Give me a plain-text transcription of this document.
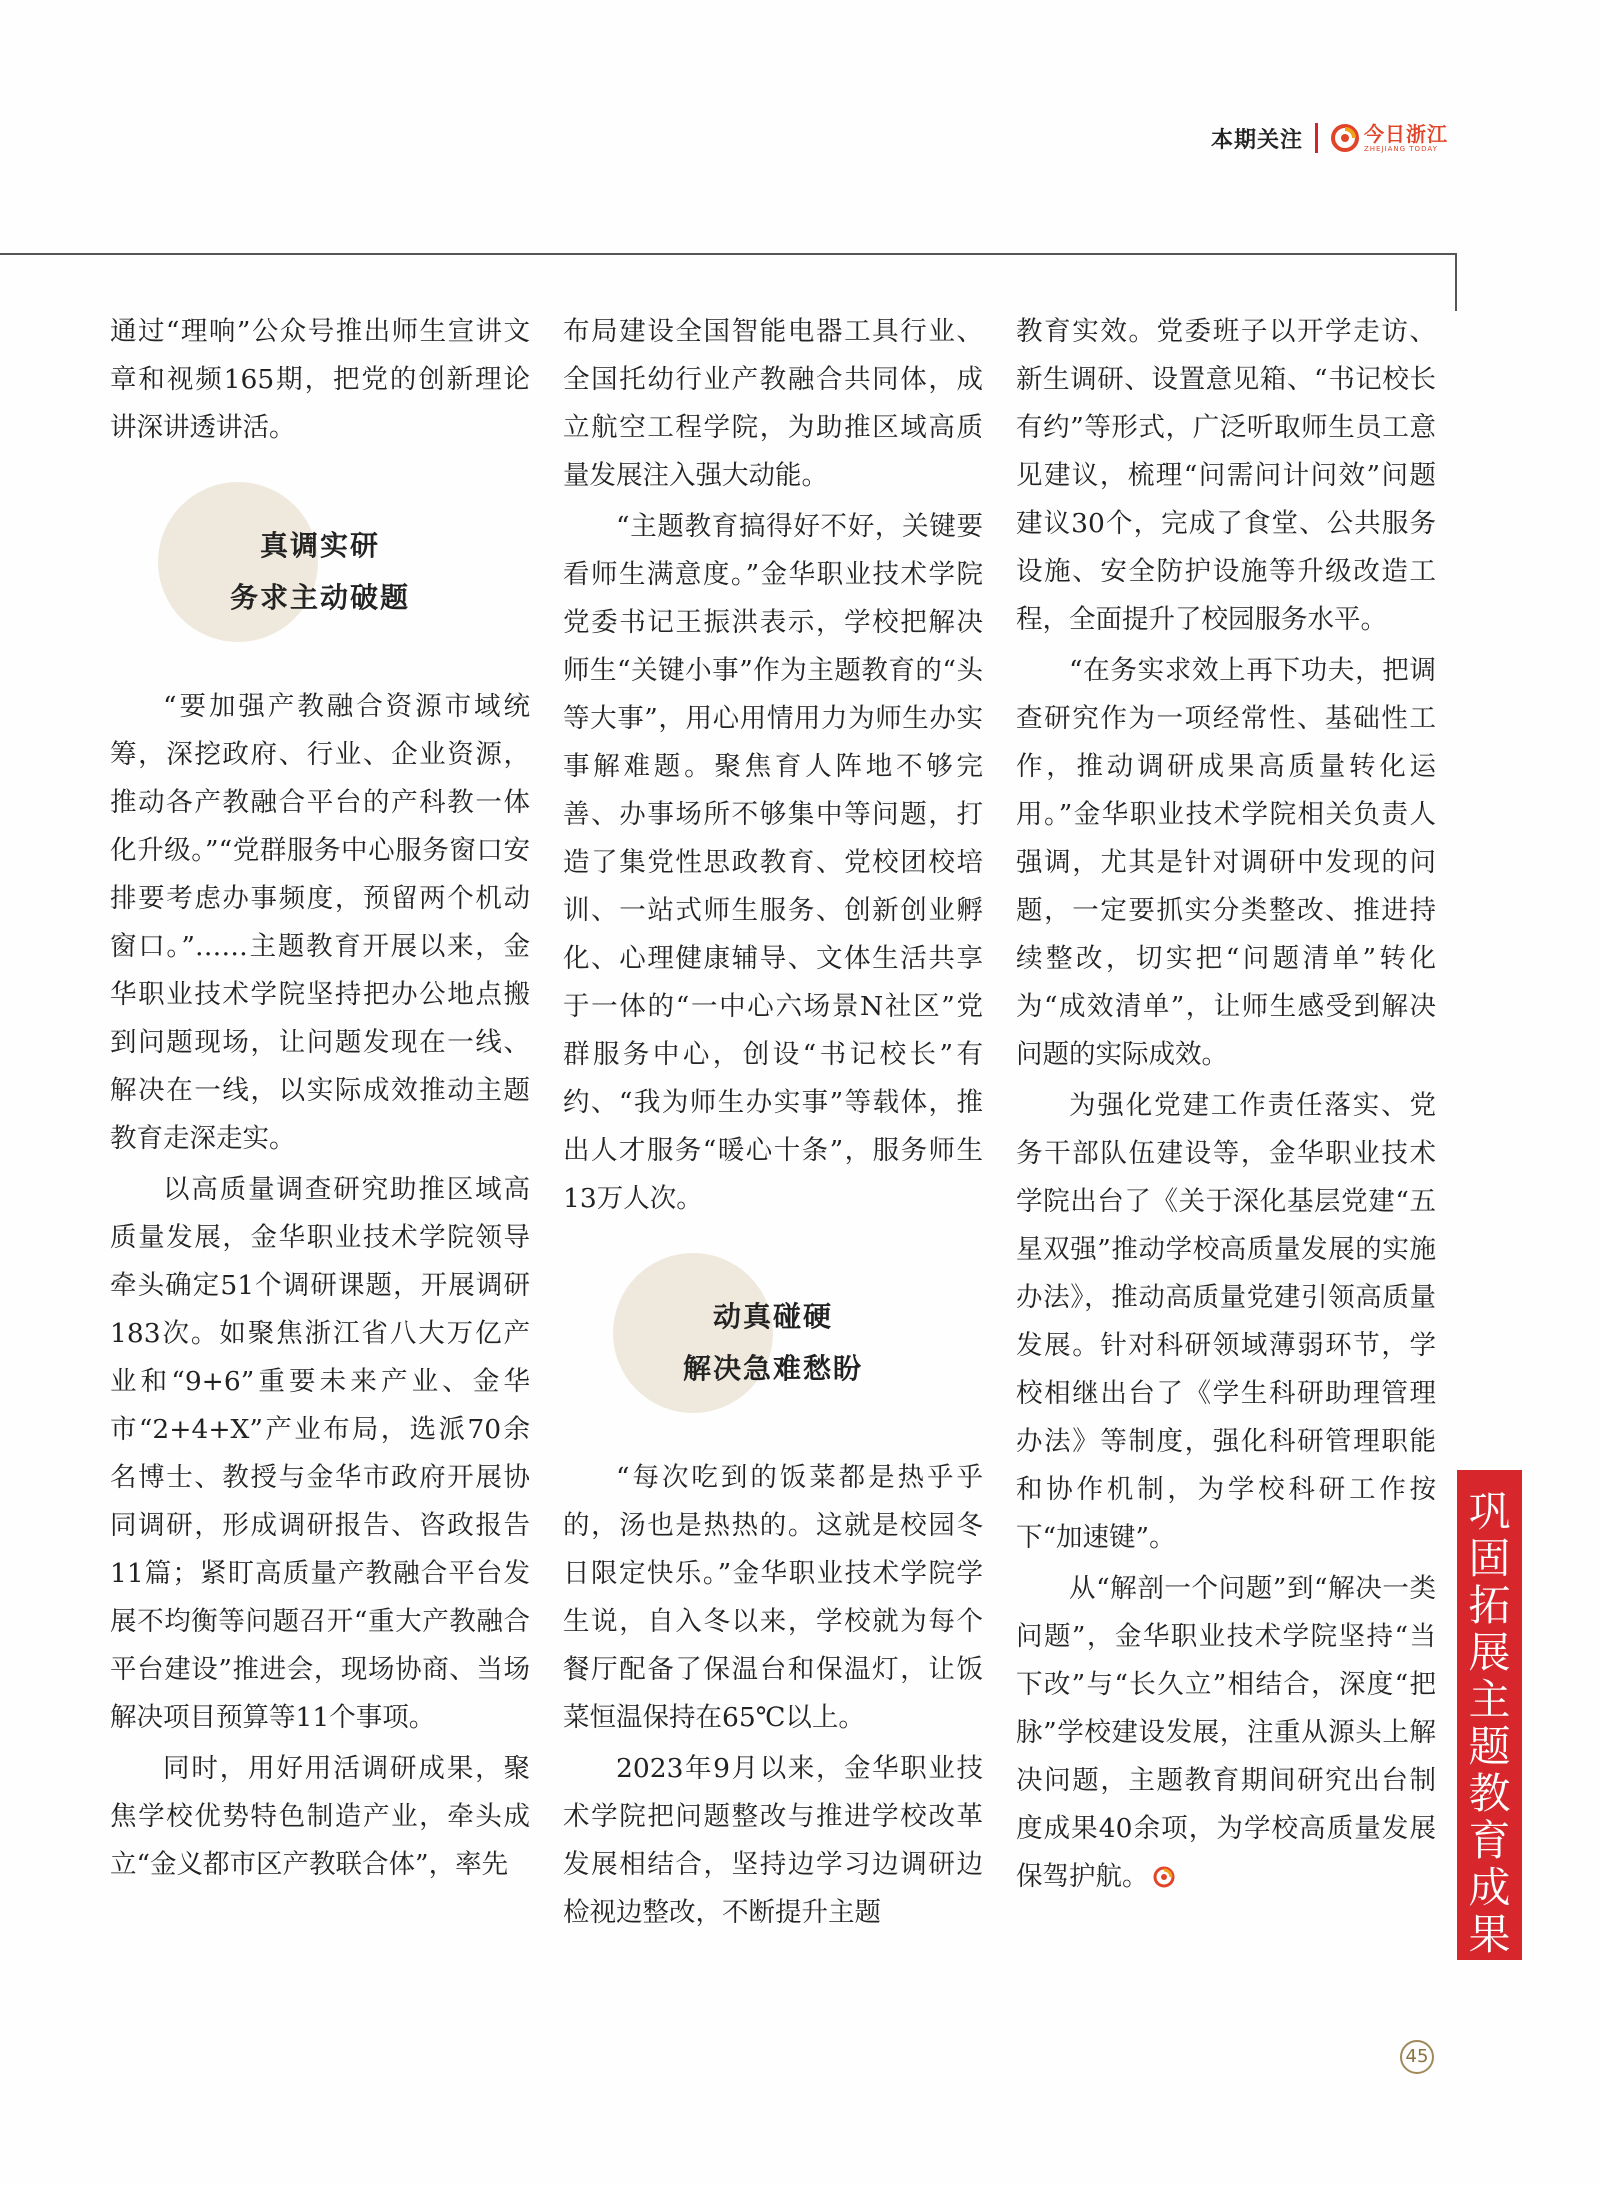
本期关注	今日浙江
ZHEJIANG TODAY

通过“理响”公众号推出师生宣讲文章和视频165期，把党的创新理论讲深讲透讲活。

真调实研
务求主动破题

“要加强产教融合资源市域统筹，深挖政府、行业、企业资源，推动各产教融合平台的产科教一体化升级。”“党群服务中心服务窗口安排要考虑办事频度，预留两个机动窗口。”……主题教育开展以来，金华职业技术学院坚持把办公地点搬到问题现场，让问题发现在一线、解决在一线，以实际成效推动主题教育走深走实。

以高质量调查研究助推区域高质量发展，金华职业技术学院领导牵头确定51个调研课题，开展调研183次。如聚焦浙江省八大万亿产业和“9+6”重要未来产业、金华市“2+4+X”产业布局，选派70余名博士、教授与金华市政府开展协同调研，形成调研报告、咨政报告11篇；紧盯高质量产教融合平台发展不均衡等问题召开“重大产教融合平台建设”推进会，现场协商、当场解决项目预算等11个事项。

同时，用好用活调研成果，聚焦学校优势特色制造产业，牵头成立“金义都市区产教联合体”，率先

布局建设全国智能电器工具行业、全国托幼行业产教融合共同体，成立航空工程学院，为助推区域高质量发展注入强大动能。

“主题教育搞得好不好，关键要看师生满意度。”金华职业技术学院党委书记王振洪表示，学校把解决师生“关键小事”作为主题教育的“头等大事”，用心用情用力为师生办实事解难题。聚焦育人阵地不够完善、办事场所不够集中等问题，打造了集党性思政教育、党校团校培训、一站式师生服务、创新创业孵化、心理健康辅导、文体生活共享于一体的“一中心六场景N社区”党群服务中心，创设“书记校长”有约、“我为师生办实事”等载体，推出人才服务“暖心十条”，服务师生13万人次。

动真碰硬
解决急难愁盼

“每次吃到的饭菜都是热乎乎的，汤也是热热的。这就是校园冬日限定快乐。”金华职业技术学院学生说，自入冬以来，学校就为每个餐厅配备了保温台和保温灯，让饭菜恒温保持在65℃以上。

2023年9月以来，金华职业技术学院把问题整改与推进学校改革发展相结合，坚持边学习边调研边检视边整改，不断提升主题

教育实效。党委班子以开学走访、新生调研、设置意见箱、“书记校长有约”等形式，广泛听取师生员工意见建议，梳理“问需问计问效”问题建议30个，完成了食堂、公共服务设施、安全防护设施等升级改造工程，全面提升了校园服务水平。

“在务实求效上再下功夫，把调查研究作为一项经常性、基础性工作，推动调研成果高质量转化运用。”金华职业技术学院相关负责人强调，尤其是针对调研中发现的问题，一定要抓实分类整改、推进持续整改，切实把“问题清单”转化为“成效清单”，让师生感受到解决问题的实际成效。

为强化党建工作责任落实、党务干部队伍建设等，金华职业技术学院出台了《关于深化基层党建“五星双强”推动学校高质量发展的实施办法》，推动高质量党建引领高质量发展。针对科研领域薄弱环节，学校相继出台了《学生科研助理管理办法》等制度，强化科研管理职能和协作机制，为学校科研工作按下“加速键”。

从“解剖一个问题”到“解决一类问题”，金华职业技术学院坚持“当下改”与“长久立”相结合，深度“把脉”学校建设发展，注重从源头上解决问题，主题教育期间研究出台制度成果40余项，为学校高质量发展保驾护航。

巩
固
拓
展
主
题
教
育
成
果
45
